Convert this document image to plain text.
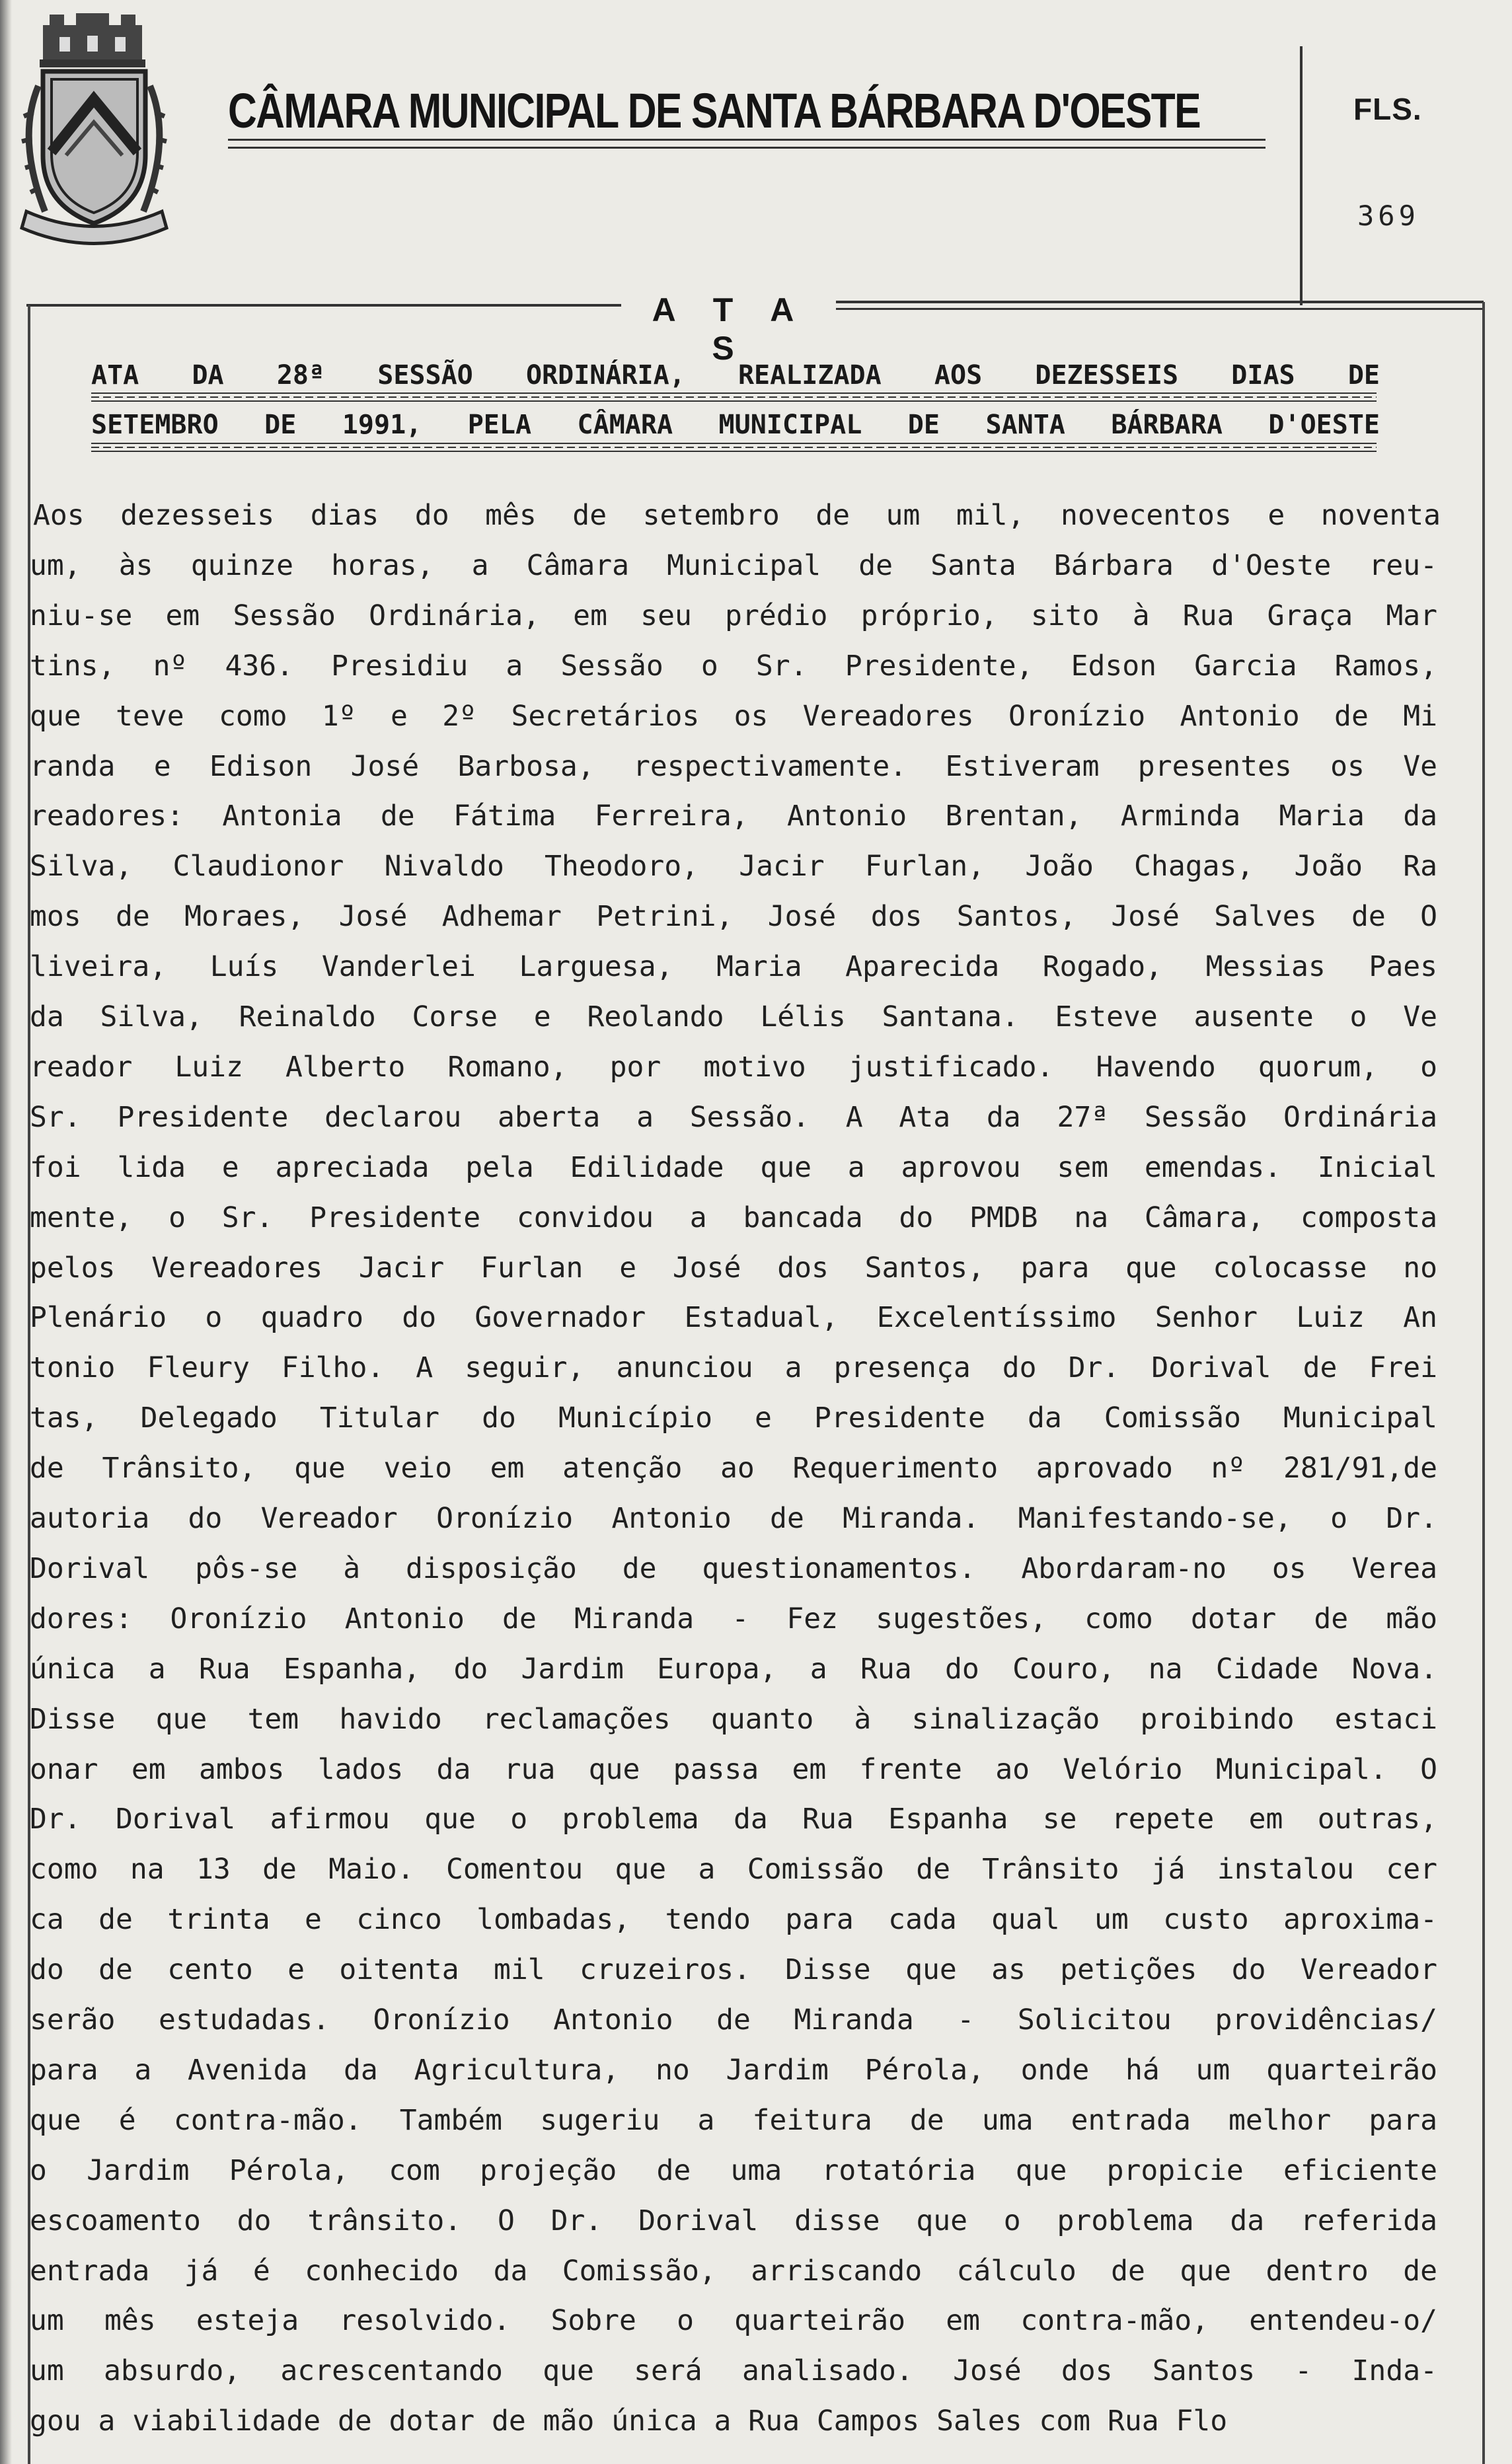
CÂMARA MUNICIPAL DE SANTA BÁRBARA D'OESTE	FLS.
369
A T A S
ATA DA 28ª SESSÃO ORDINÁRIA, REALIZADA AOS DEZESSEIS DIAS DE
SETEMBRO DE 1991, PELA CÂMARA MUNICIPAL DE SANTA BÁRBARA D'OESTE
Aos dezesseis dias do mês de setembro de um mil, novecentos e noventa
um, às quinze horas, a Câmara Municipal de Santa Bárbara d'Oeste reu-
niu-se em Sessão Ordinária, em seu prédio próprio, sito à Rua Graça Mar
tins, nº 436. Presidiu a Sessão o Sr. Presidente, Edson Garcia Ramos,
que teve como 1º e 2º Secretários os Vereadores Oronízio Antonio de Mi
randa e Edison José Barbosa, respectivamente. Estiveram presentes os Ve
readores: Antonia de Fátima Ferreira, Antonio Brentan, Arminda Maria da
Silva, Claudionor Nivaldo Theodoro, Jacir Furlan, João Chagas, João Ra
mos de Moraes, José Adhemar Petrini, José dos Santos, José Salves de O
liveira, Luís Vanderlei Larguesa, Maria Aparecida Rogado, Messias Paes
da Silva, Reinaldo Corse e Reolando Lélis Santana. Esteve ausente o Ve
reador Luiz Alberto Romano, por motivo justificado. Havendo quorum, o
Sr. Presidente declarou aberta a Sessão. A Ata da 27ª Sessão Ordinária
foi lida e apreciada pela Edilidade que a aprovou sem emendas. Inicial
mente, o Sr. Presidente convidou a bancada do PMDB na Câmara, composta
pelos Vereadores Jacir Furlan e José dos Santos, para que colocasse no
Plenário o quadro do Governador Estadual, Excelentíssimo Senhor Luiz An
tonio Fleury Filho. A seguir, anunciou a presença do Dr. Dorival de Frei
tas, Delegado Titular do Município e Presidente da Comissão Municipal
de Trânsito, que veio em atenção ao Requerimento aprovado nº 281/91,de
autoria do Vereador Oronízio Antonio de Miranda. Manifestando-se, o Dr.
Dorival pôs-se à disposição de questionamentos. Abordaram-no os Verea
dores: Oronízio Antonio de Miranda - Fez sugestões, como dotar de mão
única a Rua Espanha, do Jardim Europa, a Rua do Couro, na Cidade Nova.
Disse que tem havido reclamações quanto à sinalização proibindo estaci
onar em ambos lados da rua que passa em frente ao Velório Municipal. O
Dr. Dorival afirmou que o problema da Rua Espanha se repete em outras,
como na 13 de Maio. Comentou que a Comissão de Trânsito já instalou cer
ca de trinta e cinco lombadas, tendo para cada qual um custo aproxima-
do de cento e oitenta mil cruzeiros. Disse que as petições do Vereador
serão estudadas. Oronízio Antonio de Miranda - Solicitou providências/
para a Avenida da Agricultura, no Jardim Pérola, onde há um quarteirão
que é contra-mão. Também sugeriu a feitura de uma entrada melhor para
o Jardim Pérola, com projeção de uma rotatória que propicie eficiente
escoamento do trânsito. O Dr. Dorival disse que o problema da referida
entrada já é conhecido da Comissão, arriscando cálculo de que dentro de
um mês esteja resolvido. Sobre o quarteirão em contra-mão, entendeu-o/
um absurdo, acrescentando que será analisado. José dos Santos - Inda-
gou a viabilidade de dotar de mão única a Rua Campos Sales com Rua Flo
